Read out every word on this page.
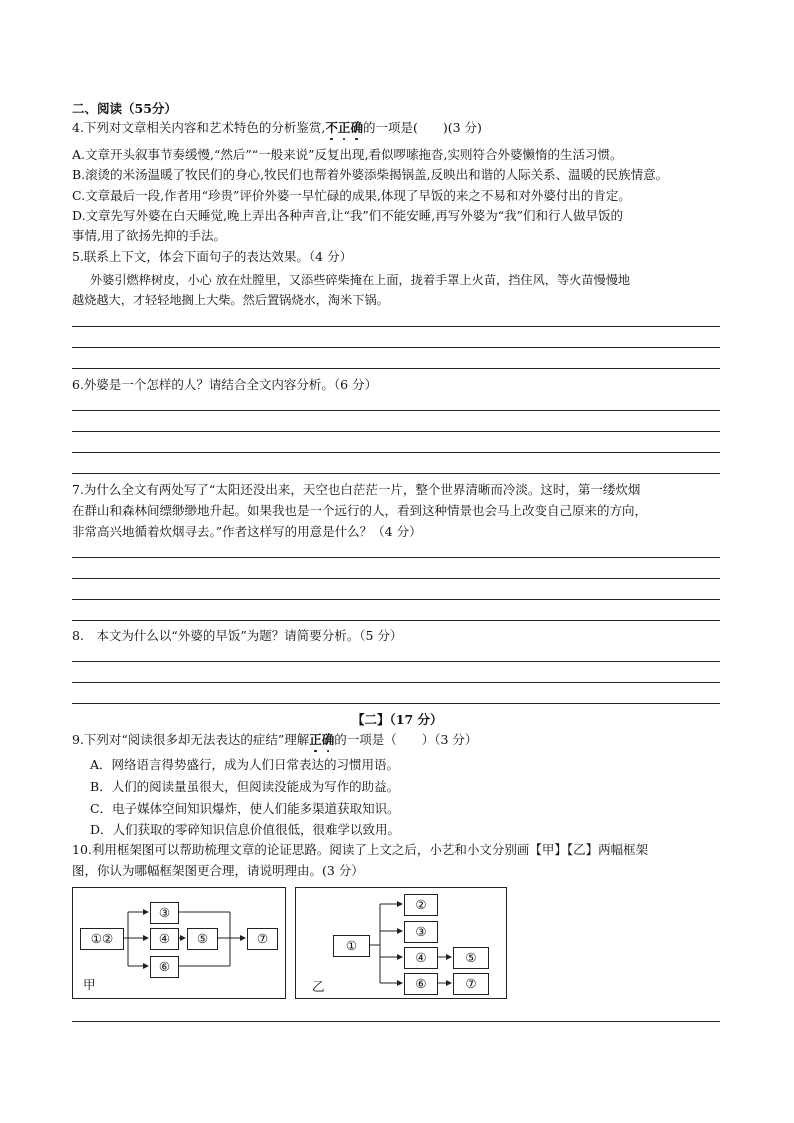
二、阅读（55分）
4.下列对文章相关内容和艺术特色的分析鉴赏,不正确的一项是(　　)(3 分)
A.文章开头叙事节奏缓慢,“然后”“一般来说”反复出现,看似啰嗦拖沓,实则符合外婆懒惰的生活习惯。
B.滚烫的米汤温暖了牧民们的身心,牧民们也帮着外婆添柴揭锅盖,反映出和谐的人际关系、温暖的民族情意。
C.文章最后一段,作者用“珍贵”评价外婆一早忙碌的成果,体现了早饭的来之不易和对外婆付出的肯定。
D.文章先写外婆在白天睡觉,晚上弄出各种声音,让“我”们不能安睡,再写外婆为“我”们和行人做早饭的
事情,用了欲扬先抑的手法。
5.联系上下文，体会下面句子的表达效果。（4 分）
外婆引燃桦树皮，小心 放在灶膛里，又添些碎柴掩在上面，拢着手罩上火苗，挡住风，等火苗慢慢地
越烧越大，才轻轻地搁上大柴。然后置锅烧水，淘米下锅。
6.外婆是一个怎样的人？请结合全文内容分析。（6 分）
7.为什么全文有两处写了“太阳还没出来，天空也白茫茫一片，整个世界清晰而冷淡。这时，第一缕炊烟
在群山和森林间缥缈缈地升起。如果我也是一个远行的人，看到这种情景也会马上改变自己原来的方向，
非常高兴地循着炊烟寻去。”作者这样写的用意是什么？（4 分）
8.　本文为什么以“外婆的早饭”为题？请简要分析。（5 分）
【二】（17 分）
9.下列对“阅读很多却无法表达的症结”理解正确的一项是（　　）（3 分）
A．网络语言得势盛行，成为人们日常表达的习惯用语。
B．人们的阅读量虽很大，但阅读没能成为写作的助益。
C．电子媒体空间知识爆炸，使人们能多渠道获取知识。
D．人们获取的零碎知识信息价值很低，很难学以致用。
10.利用框架图可以帮助梳理文章的论证思路。阅读了上文之后，小艺和小文分别画【甲】【乙】两幅框架
图，你认为哪幅框架图更合理，请说明理由。(3 分）
①②
③
④	⑤
⑥
⑦
甲
①
②
③
④	⑤
⑥	⑦
乙
